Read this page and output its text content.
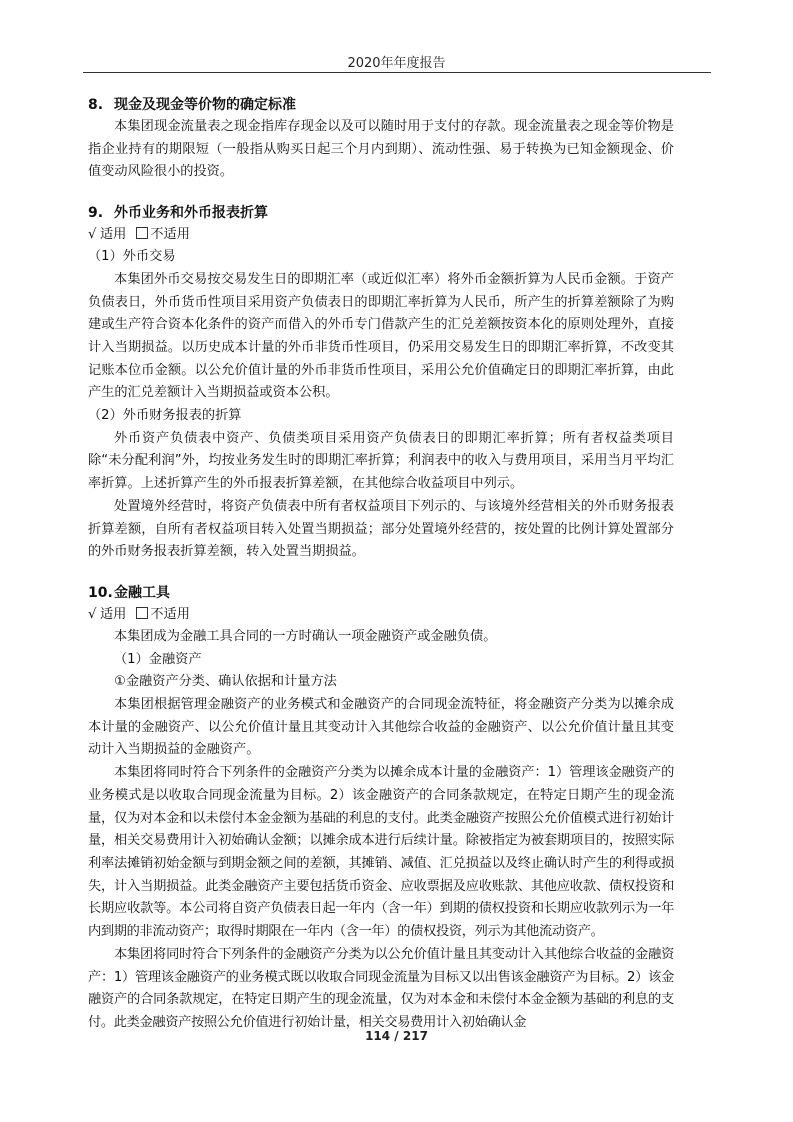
2020年年度报告
8. 现金及现金等价物的确定标准

本集团现金流量表之现金指库存现金以及可以随时用于支付的存款。现金流量表之现金等价物是指企业持有的期限短（一般指从购买日起三个月内到期）、流动性强、易于转换为已知金额现金、价值变动风险很小的投资。

9. 外币业务和外币报表折算
√ 适用 不适用

（1）外币交易

本集团外币交易按交易发生日的即期汇率（或近似汇率）将外币金额折算为人民币金额。于资产负债表日，外币货币性项目采用资产负债表日的即期汇率折算为人民币，所产生的折算差额除了为购建或生产符合资本化条件的资产而借入的外币专门借款产生的汇兑差额按资本化的原则处理外，直接计入当期损益。以历史成本计量的外币非货币性项目，仍采用交易发生日的即期汇率折算，不改变其记账本位币金额。以公允价值计量的外币非货币性项目，采用公允价值确定日的即期汇率折算，由此产生的汇兑差额计入当期损益或资本公积。

（2）外币财务报表的折算

外币资产负债表中资产、负债类项目采用资产负债表日的即期汇率折算；所有者权益类项目除“未分配利润”外，均按业务发生时的即期汇率折算；利润表中的收入与费用项目，采用当月平均汇率折算。上述折算产生的外币报表折算差额，在其他综合收益项目中列示。

处置境外经营时，将资产负债表中所有者权益项目下列示的、与该境外经营相关的外币财务报表折算差额，自所有者权益项目转入处置当期损益；部分处置境外经营的，按处置的比例计算处置部分的外币财务报表折算差额，转入处置当期损益。

10.金融工具
√ 适用 不适用

本集团成为金融工具合同的一方时确认一项金融资产或金融负债。

（1）金融资产

①金融资产分类、确认依据和计量方法

本集团根据管理金融资产的业务模式和金融资产的合同现金流特征，将金融资产分类为以摊余成本计量的金融资产、以公允价值计量且其变动计入其他综合收益的金融资产、以公允价值计量且其变动计入当期损益的金融资产。

本集团将同时符合下列条件的金融资产分类为以摊余成本计量的金融资产：1）管理该金融资产的业务模式是以收取合同现金流量为目标。2）该金融资产的合同条款规定，在特定日期产生的现金流量，仅为对本金和以未偿付本金金额为基础的利息的支付。此类金融资产按照公允价值模式进行初始计量，相关交易费用计入初始确认金额；以摊余成本进行后续计量。除被指定为被套期项目的，按照实际利率法摊销初始金额与到期金额之间的差额，其摊销、减值、汇兑损益以及终止确认时产生的利得或损失，计入当期损益。此类金融资产主要包括货币资金、应收票据及应收账款、其他应收款、债权投资和长期应收款等。本公司将自资产负债表日起一年内（含一年）到期的债权投资和长期应收款列示为一年内到期的非流动资产；取得时期限在一年内（含一年）的债权投资，列示为其他流动资产。

本集团将同时符合下列条件的金融资产分类为以公允价值计量且其变动计入其他综合收益的金融资产：1）管理该金融资产的业务模式既以收取合同现金流量为目标又以出售该金融资产为目标。2）该金融资产的合同条款规定，在特定日期产生的现金流量，仅为对本金和未偿付本金金额为基础的利息的支付。此类金融资产按照公允价值进行初始计量，相关交易费用计入初始确认金

114 / 217
